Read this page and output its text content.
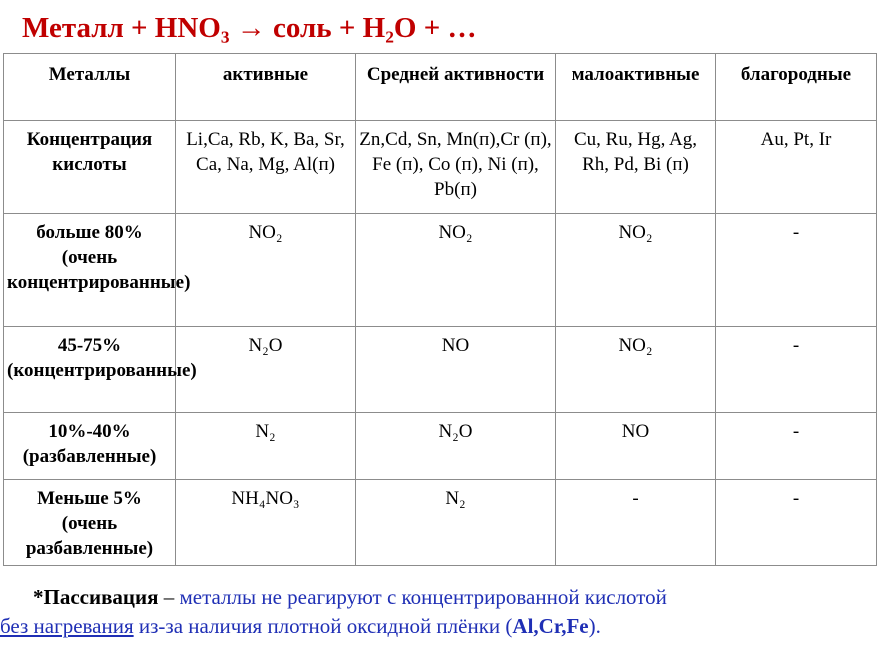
Металл + HNO₃ → соль + H₂O + …
Металлы	активные	Средней активности	малоактивные	благородные
Концентрация кислоты	Li,Ca, Rb, K, Ba, Sr, Ca, Na, Mg, Al(п)	Zn,Cd, Sn, Mn(п),Cr (п), Fe (п), Co (п), Ni (п), Pb(п)	Cu, Ru, Hg, Ag, Rh, Pd, Bi (п)	Au, Pt, Ir
больше 80% (очень концентрированные)	NO₂	NO₂	NO₂	-
45-75% (концентрированные)	N₂O	NO	NO₂	-
10%-40% (разбавленные)	N₂	N₂O	NO	-
Меньше 5% (очень разбавленные)	NH₄NO₃	N₂	-	-
*Пассивация – металлы не реагируют с концентрированной кислотой
без нагревания из-за наличия плотной оксидной плёнки (Al,Cr,Fe).
